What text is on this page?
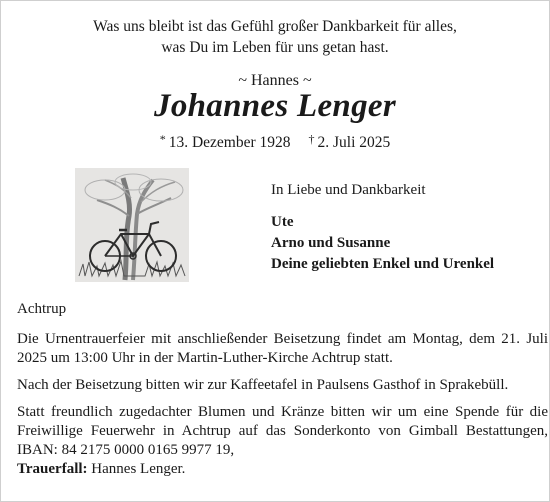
Was uns bleibt ist das Gefühl großer Dankbarkeit für alles,
was Du im Leben für uns getan hast.
~ Hannes ~
Johannes Lenger
* 13. Dezember 1928 † 2. Juli 2025
In Liebe und Dankbarkeit
Ute
Arno und Susanne
Deine geliebten Enkel und Urenkel

Achtrup

Die Urnentrauerfeier mit anschließender Beisetzung findet am Montag, dem 21. Juli 2025 um 13:00 Uhr in der Martin-Luther-Kirche Achtrup statt.

Nach der Beisetzung bitten wir zur Kaffeetafel in Paulsens Gasthof in Sprakebüll.

Statt freundlich zugedachter Blumen und Kränze bitten wir um eine Spende für die Freiwillige Feuerwehr in Achtrup auf das Sonderkonto von Gimball Bestattungen, IBAN: 84 2175 0000 0165 9977 19,

Trauerfall: Hannes Lenger.
